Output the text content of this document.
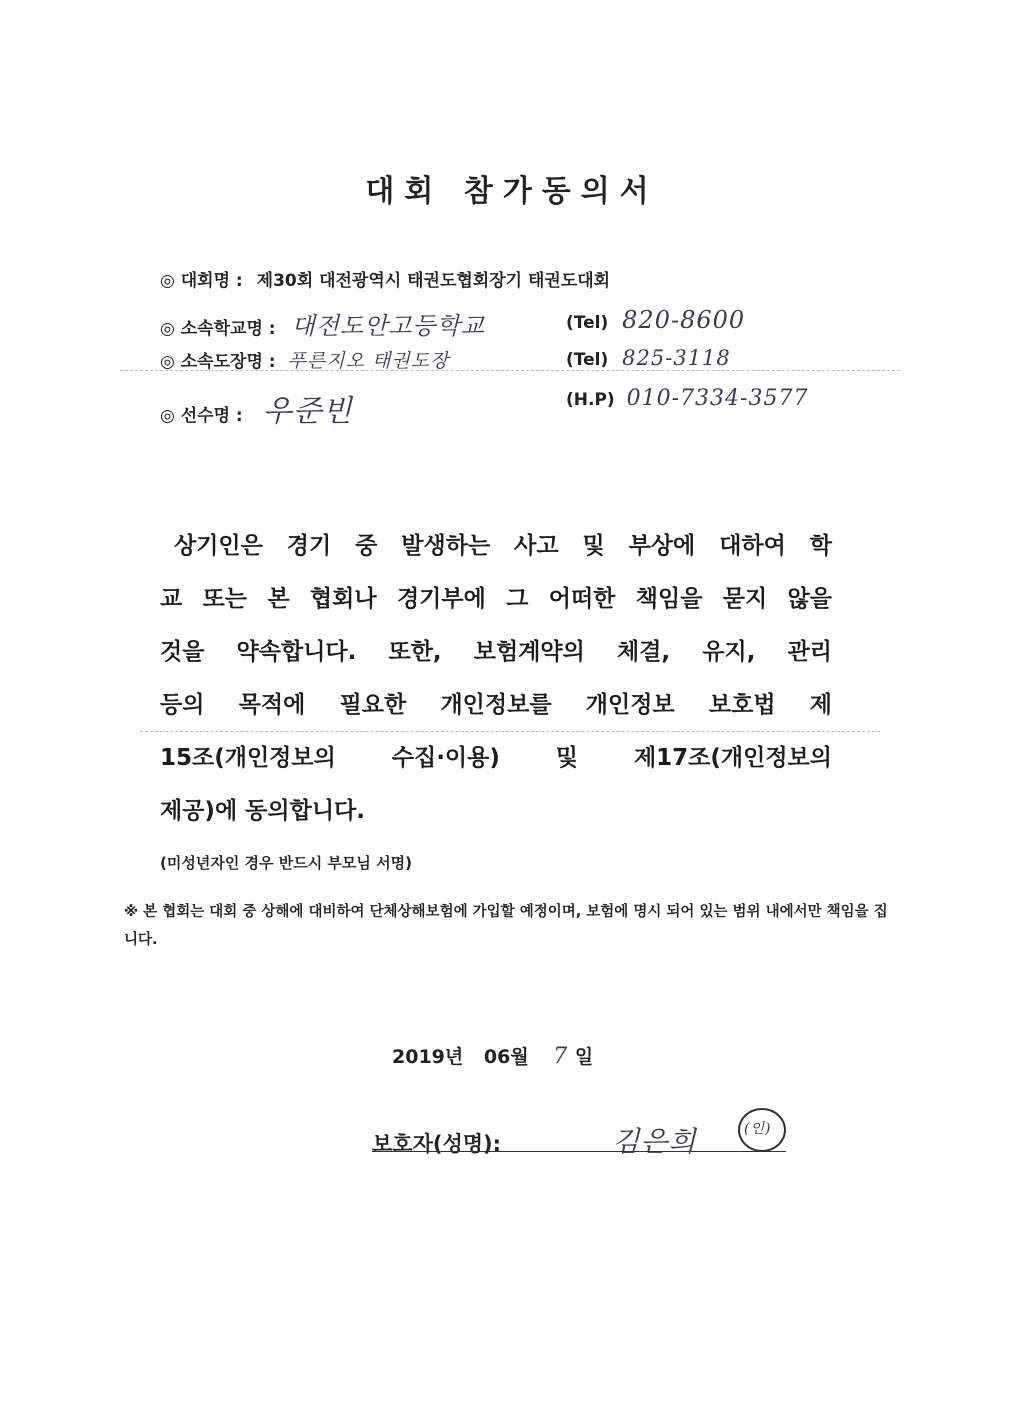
대회 참가동의서
◎ 대회명 : 제30회 대전광역시 태권도협회장기 태권도대회
◎ 소속학교명 : 대전도안고등학교	(Tel) 820-8600
◎ 소속도장명 : 푸른지오 태권도장	(Tel) 825-3118
◎ 선수명 : 우준빈	(H.P) 010-7334-3577
상기인은 경기 중 발생하는 사고 및 부상에 대하여 학
교 또는 본 협회나 경기부에 그 어떠한 책임을 묻지 않을
것을 약속합니다. 또한, 보험계약의 체결, 유지, 관리
등의 목적에 필요한 개인정보를 개인정보 보호법 제
15조(개인정보의 수집·이용) 및 제17조(개인정보의
제공)에 동의합니다.
(미성년자인 경우 반드시 부모님 서명)
※ 본 협회는 대회 중 상해에 대비하여 단체상해보험에 가입할 예정이며, 보험에 명시 되어 있는 범위 내에서만 책임을 집니다.
2019년 06월 7 일
보호자(성명):	김은희	(인)
